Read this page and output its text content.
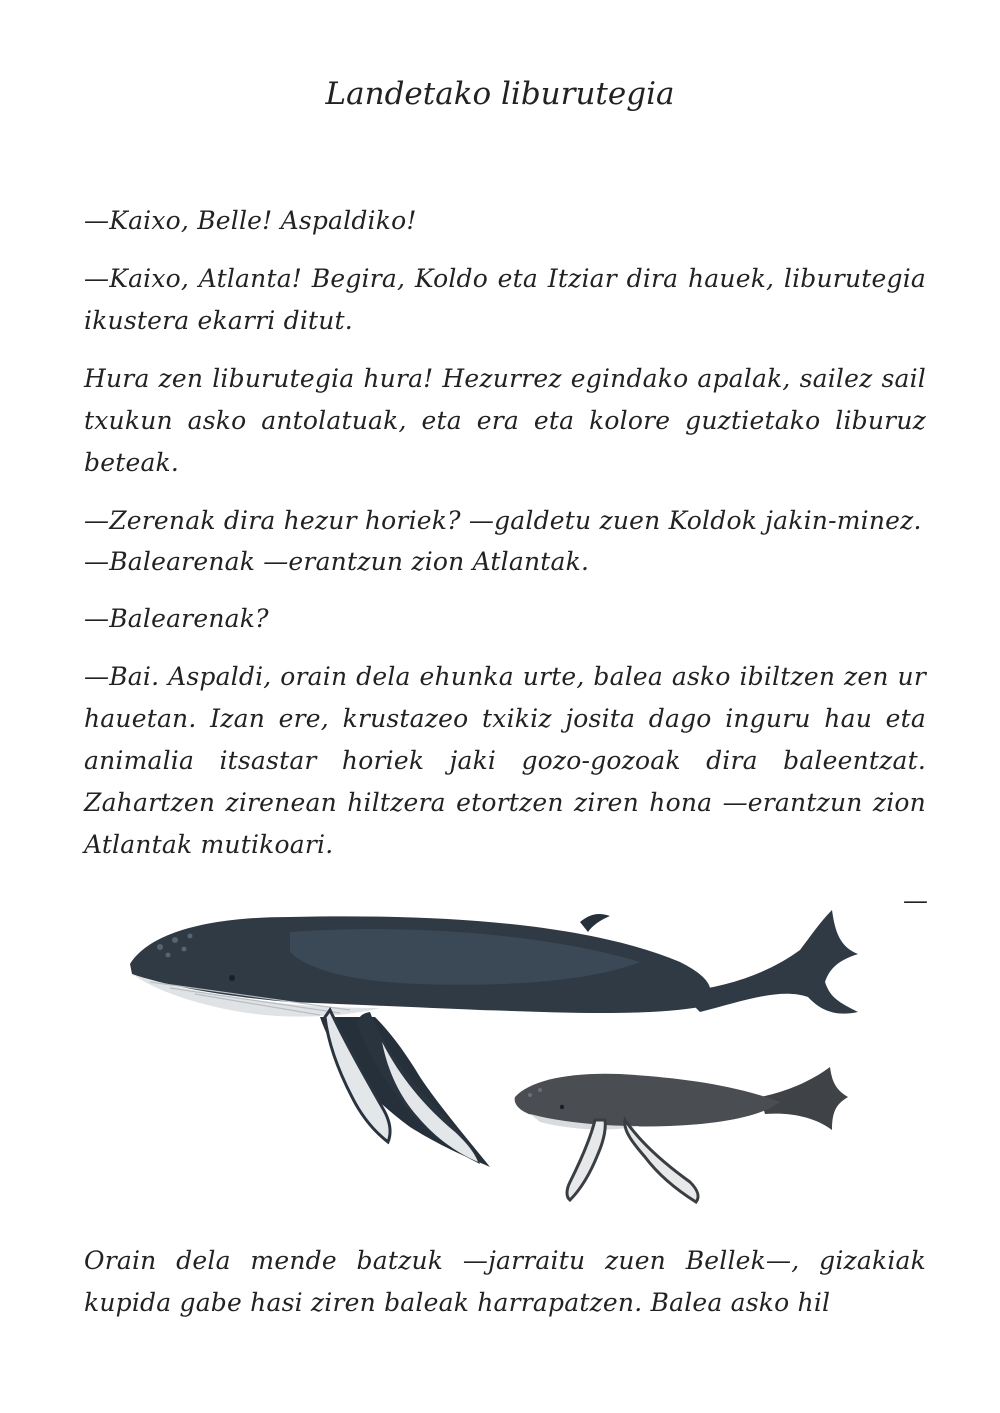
Landetako liburutegia

—Kaixo, Belle! Aspaldiko!

—Kaixo, Atlanta! Begira, Koldo eta Itziar dira hauek, liburutegia ikustera ekarri ditut.

Hura zen liburutegia hura! Hezurrez egindako apalak, sailez sail txukun asko antolatuak, eta era eta kolore guztietako liburuz beteak.

—Zerenak dira hezur horiek? —galdetu zuen Koldok jakin-minez.

—Balearenak —erantzun zion Atlantak.

—Balearenak?

—Bai. Aspaldi, orain dela ehunka urte, balea asko ibiltzen zen ur hauetan. Izan ere, krustazeo txikiz josita dago inguru hau eta animalia itsastar horiek jaki gozo-gozoak dira baleentzat. Zahartzen zirenean hiltzera etortzen ziren hona —erantzun zion Atlantak mutikoari.

—

Orain dela mende batzuk —jarraitu zuen Bellek—, gizakiak kupida gabe hasi ziren baleak harrapatzen. Balea asko hil
